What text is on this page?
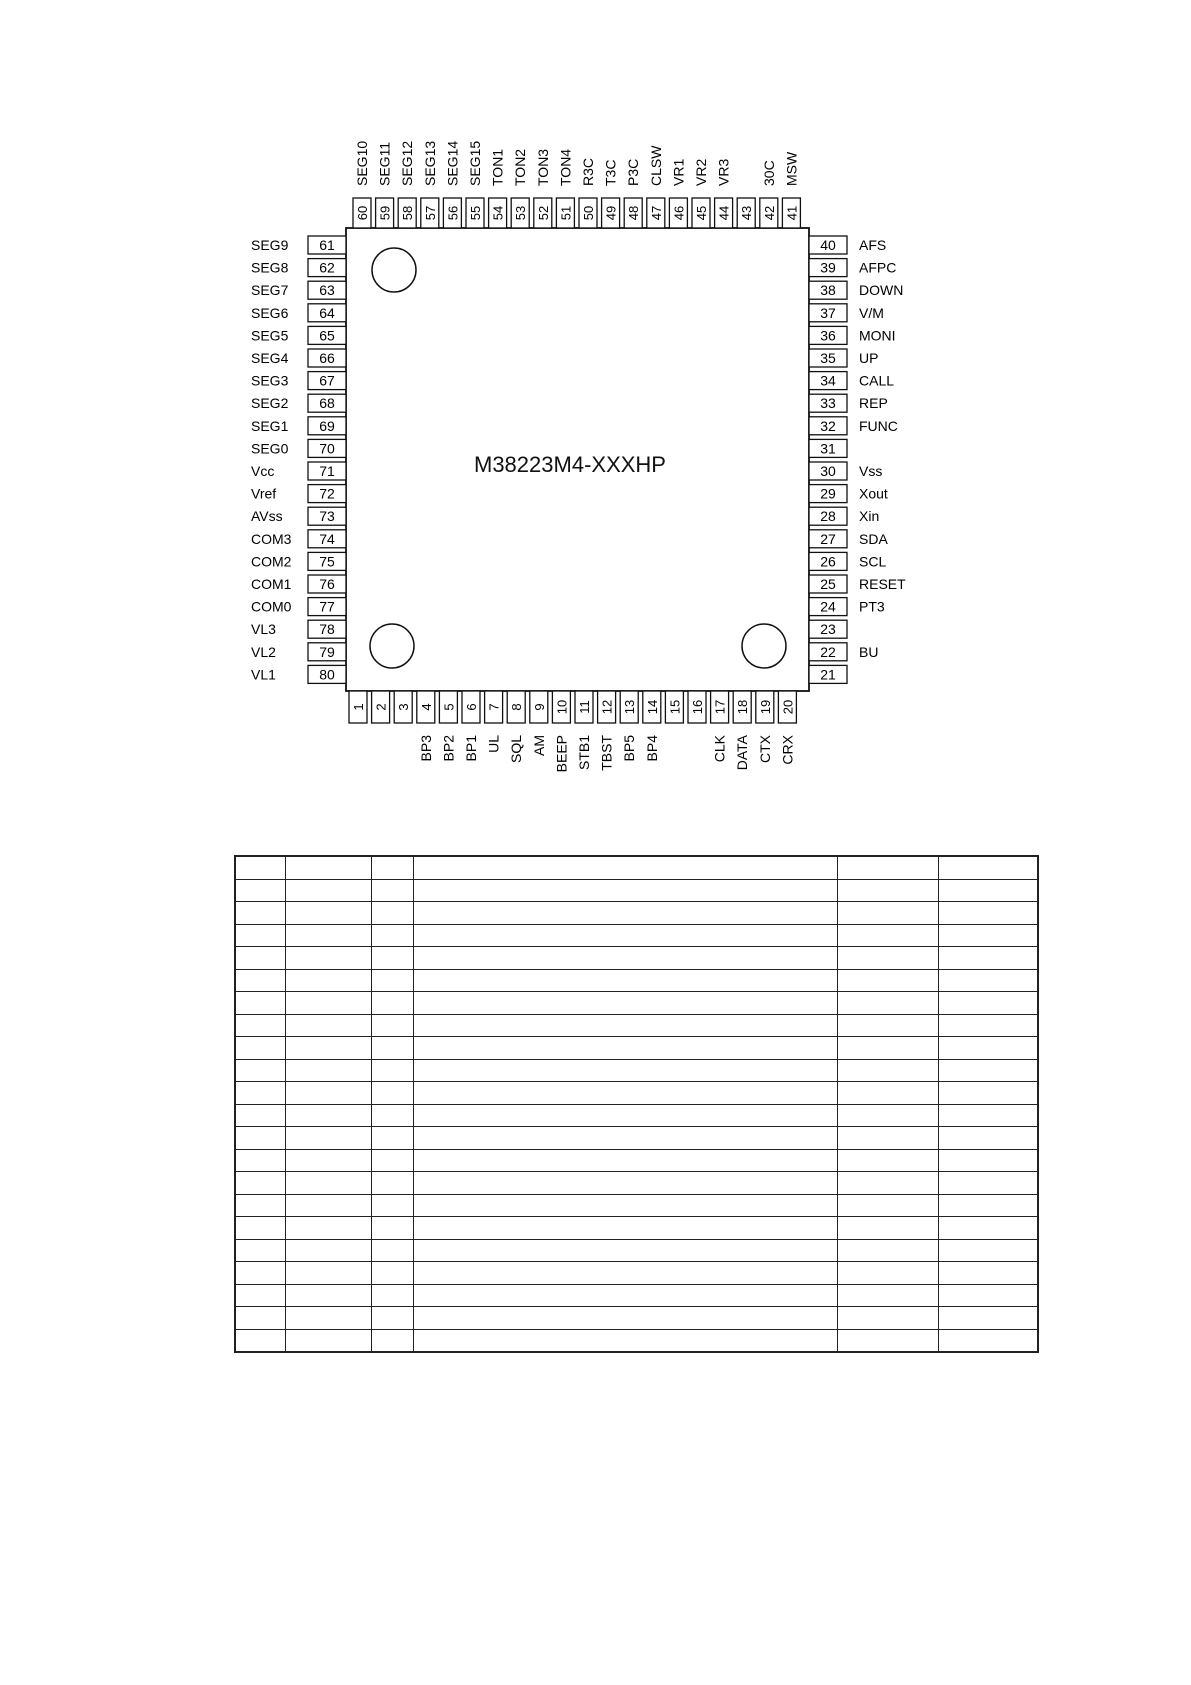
M38223M4-XXXHP
1 2 3 4
BP3
5
BP2
6
BP1
7
UL
8
SQL
9
AM
10
BEEP
11
STB1
12
TBST
13
BP5
14
BP4
15 16 17
CLK
18
DATA
19
CTX
20
CRX
21
22 BU
23
24 PT3
25 RESET
26 SCL
27 SDA
28 Xin
29 Xout
30 Vss
31
32 FUNC
33 REP
34 CALL
35 UP
36 MONI
37 V/M
38 DOWN
39 AFPC
40 AFS
41
MSW
42
30C
43
44
VR3
45
VR2
46
VR1
47
CLSW
48
P3C
49
T3C
50
R3C
51
TON4
52
TON3
53
TON2
54
TON1
55
SEG15
56
SEG14
57
SEG13
58
SEG12
59
SEG11
60
SEG10
61
SEG9
62
SEG8
63
SEG7
64
SEG6
65
SEG5
66
SEG4
67
SEG3
68
SEG2
69
SEG1
70
SEG0
71
Vcc
72
Vref
73
AVss
74
COM3
75
COM2
76
COM1
77
COM0
78
VL3
79
VL2
80
VL1
